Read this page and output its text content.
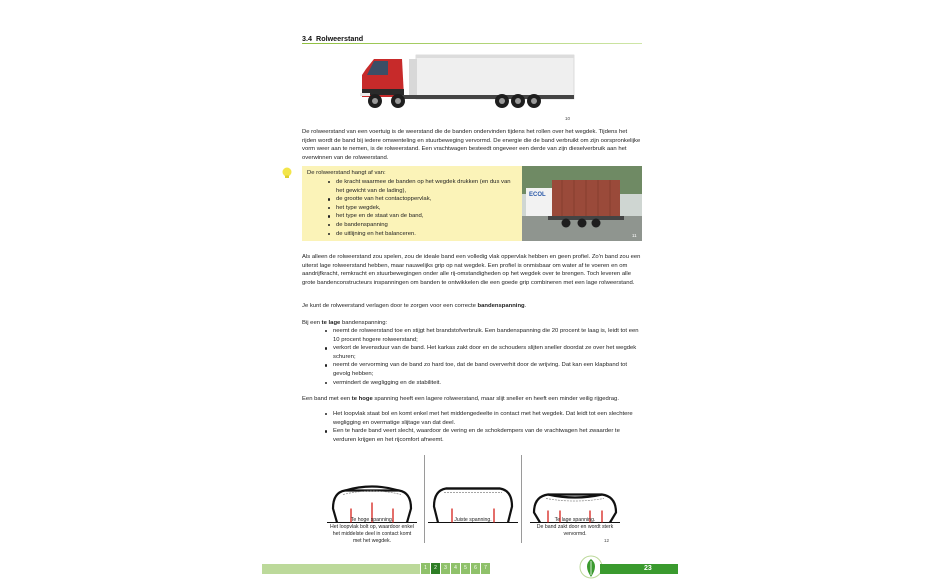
3.4 Rolweerstand
10

De rolweerstand van een voertuig is de weerstand die de banden ondervinden tijdens het rollen over het wegdek. Tijdens het rijden wordt de band bij iedere omwenteling en stuurbeweging vervormd. De energie die de band verbruikt om zijn oorspronkelijke vorm weer aan te nemen, is de rolweerstand. Een vrachtwagen besteedt ongeveer een derde van zijn dieselverbruik aan het overwinnen van de rolweerstand.

De rolweerstand hangt af van:
de kracht waarmee de banden op het wegdek drukken (en dus van het gewicht van de lading),
de grootte van het contactoppervlak,
het type wegdek,
het type en de staat van de band,
de bandenspanning
de uitlijning en het balanceren.
ECOL
11

Als alleen de rolweerstand zou spelen, zou de ideale band een volledig vlak oppervlak hebben en geen profiel. Zo'n band zou een uiterst lage rolweerstand hebben, maar nauwelijks grip op nat wegdek. Een profiel is onmisbaar om water af te voeren en om aandrijfkracht, remkracht en stuurbewegingen onder alle rij-omstandigheden op het wegdek over te brengen. Toch leveren alle grote bandenconstructeurs inspanningen om banden te ontwikkelen die een goede grip combineren met een lage rolweerstand.

Je kunt de rolweerstand verlagen door te zorgen voor een correcte bandenspanning.

Bij een te lage bandenspanning:

neemt de rolweerstand toe en stijgt het brandstofverbruik. Een bandenspanning die 20 procent te laag is, leidt tot een 10 procent hogere rolweerstand;
verkort de levensduur van de band. Het karkas zakt door en de schouders slijten sneller doordat ze over het wegdek schuren;
neemt de vervorming van de band zo hard toe, dat de band oververhit door de wrijving. Dat kan een klapband tot gevolg hebben;
vermindert de wegligging en de stabiliteit.

Een band met een te hoge spanning heeft een lagere rolweerstand, maar slijt sneller en heeft een minder veilig rijgedrag.

Het loopvlak staat bol en komt enkel met het middengedeelte in contact met het wegdek. Dat leidt tot een slechtere wegligging en overmatige slijtage van dat deel.
Een te harde band veert slecht, waardoor de vering en de schokdempers van de vrachtwagen het zwaarder te verduren krijgen en het rijcomfort afneemt.
Te hoge spanning.
Het loopvlak bolt op, waardoor enkel
het middelste deel in contact komt
met het wegdek.
Juiste spanning.	Te lage spanning.
De band zakt door en wordt sterk
vervormd.
12
1	2	3	4	5	6	7	23
